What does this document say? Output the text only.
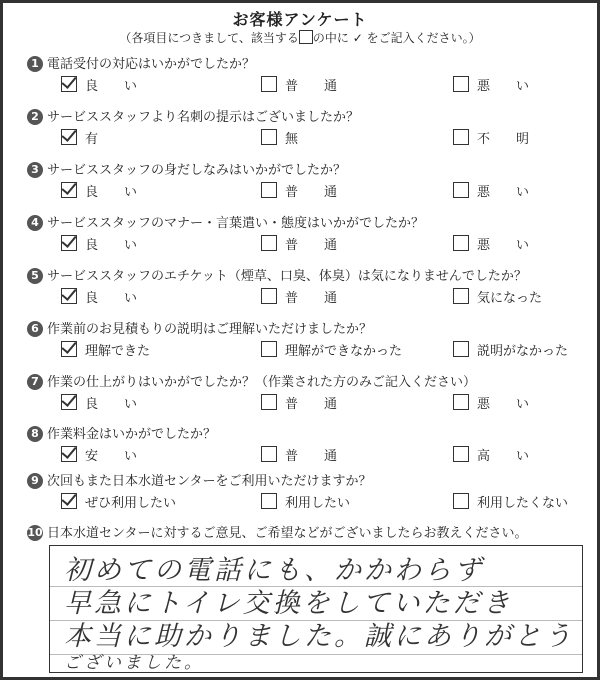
お客様アンケート
（各項目につきまして、該当する の中に ✓ をご記入ください。）
1 電話受付の対応はいかがでしたか？
良　　い	普　　通	悪　　い
2 サービススタッフより名刺の提示はございましたか？
有	無	不　　明
3 サービススタッフの身だしなみはいかがでしたか？
良　　い	普　　通	悪　　い
4 サービススタッフのマナー・言葉遣い・態度はいかがでしたか？
良　　い	普　　通	悪　　い
5 サービススタッフのエチケット（煙草、口臭、体臭）は気になりませんでしたか？
良　　い	普　　通	気になった
6 作業前のお見積もりの説明はご理解いただけましたか？
理解できた	理解ができなかった	説明がなかった
7 作業の仕上がりはいかがでしたか？（作業された方のみご記入ください）
良　　い	普　　通	悪　　い
8 作業料金はいかがでしたか？
安　　い	普　　通	高　　い
9 次回もまた日本水道センターをご利用いただけますか？
ぜひ利用したい	利用したい	利用したくない
10 日本水道センターに対するご意見、ご希望などがございましたらお教えください。
初めての電話にも、かかわらず
早急にトイレ交換をしていただき
本当に助かりました。誠にありがとう
ございました。
